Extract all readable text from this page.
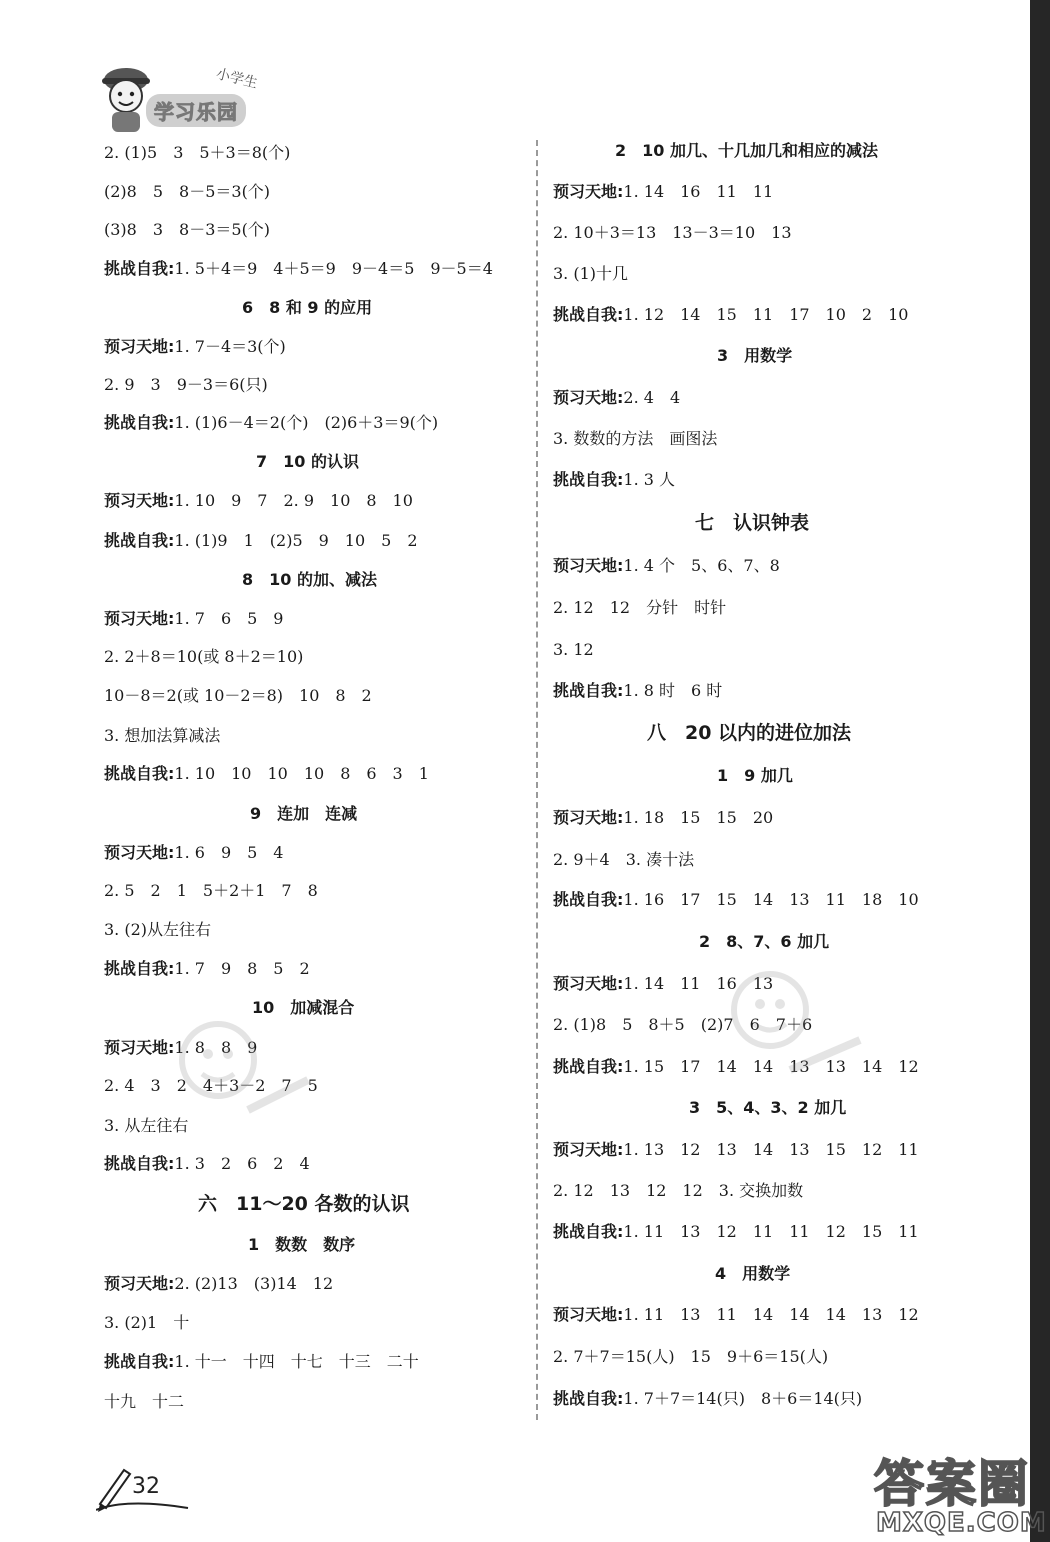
小学生
学习乐园
2. (1)5　3　5＋3＝8(个)
(2)8　5　8－5＝3(个)
(3)8　3　8－3＝5(个)
挑战自我:1. 5＋4＝9　4＋5＝9　9－4＝5　9－5＝4
6　8 和 9 的应用
预习天地:1. 7－4＝3(个)
2. 9　3　9－3＝6(只)
挑战自我:1. (1)6－4＝2(个)　(2)6＋3＝9(个)
7　10 的认识
预习天地:1. 10　9　7　2. 9　10　8　10
挑战自我:1. (1)9　1　(2)5　9　10　5　2
8　10 的加、减法
预习天地:1. 7　6　5　9
2. 2＋8＝10(或 8＋2＝10)
10－8＝2(或 10－2＝8)　10　8　2
3. 想加法算减法
挑战自我:1. 10　10　10　10　8　6　3　1
9　连加　连减
预习天地:1. 6　9　5　4
2. 5　2　1　5＋2＋1　7　8
3. (2)从左往右
挑战自我:1. 7　9　8　5　2
10　加减混合
预习天地:1. 8　8　9
2. 4　3　2　4＋3－2　7　5
3. 从左往右
挑战自我:1. 3　2　6　2　4
六　11～20 各数的认识
1　数数　数序
预习天地:2. (2)13　(3)14　12
3. (2)1　十
挑战自我:1. 十一　十四　十七　十三　二十
十九　十二
2　10 加几、十几加几和相应的减法
预习天地:1. 14　16　11　11
2. 10＋3＝13　13－3＝10　13
3. (1)十几
挑战自我:1. 12　14　15　11　17　10　2　10
3　用数学
预习天地:2. 4　4
3. 数数的方法　画图法
挑战自我:1. 3 人
七　认识钟表
预习天地:1. 4 个　5、6、7、8
2. 12　12　分针　时针
3. 12
挑战自我:1. 8 时　6 时
八　20 以内的进位加法
1　9 加几
预习天地:1. 18　15　15　20
2. 9＋4　3. 凑十法
挑战自我:1. 16　17　15　14　13　11　18　10
2　8、7、6 加几
预习天地:1. 14　11　16　13
2. (1)8　5　8＋5　(2)7　6　7＋6
挑战自我:1. 15　17　14　14　13　13　14　12
3　5、4、3、2 加几
预习天地:1. 13　12　13　14　13　15　12　11
2. 12　13　12　12　3. 交换加数
挑战自我:1. 11　13　12　11　11　12　15　11
4　用数学
预习天地:1. 11　13　11　14　14　14　13　12
2. 7＋7＝15(人)　15　9＋6＝15(人)
挑战自我:1. 7＋7＝14(只)　8＋6＝14(只)
32	答案圈
MXQE.COM
